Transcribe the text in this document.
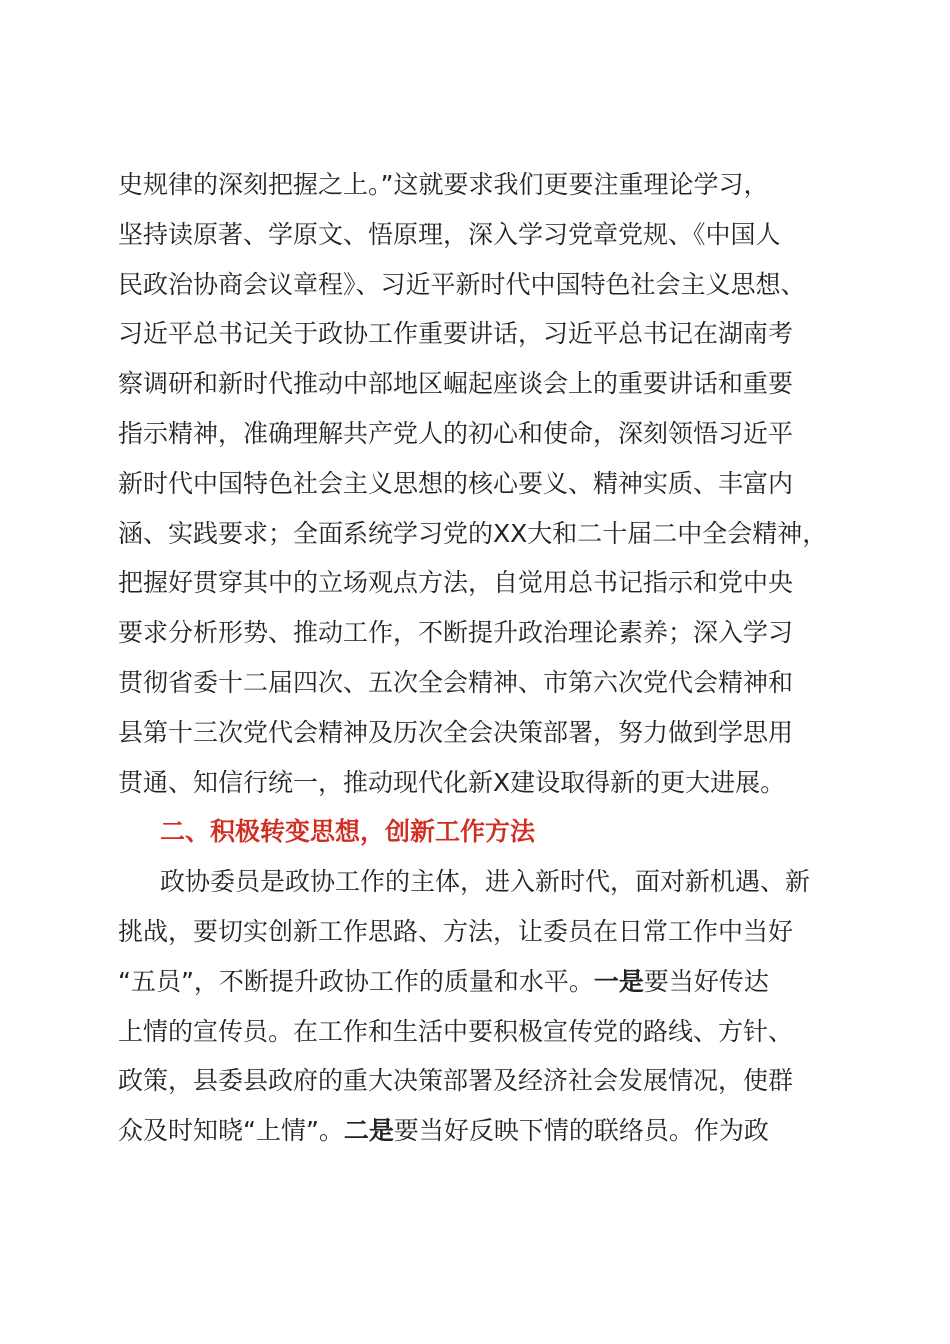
史规律的深刻把握之上。”这就要求我们更要注重理论学习，
坚持读原著、学原文、悟原理，深入学习党章党规、《中国人
民政治协商会议章程》、习近平新时代中国特色社会主义思想、
习近平总书记关于政协工作重要讲话，习近平总书记在湖南考
察调研和新时代推动中部地区崛起座谈会上的重要讲话和重要
指示精神，准确理解共产党人的初心和使命，深刻领悟习近平
新时代中国特色社会主义思想的核心要义、精神实质、丰富内
涵、实践要求；全面系统学习党的XX大和二十届二中全会精神，
把握好贯穿其中的立场观点方法，自觉用总书记指示和党中央
要求分析形势、推动工作，不断提升政治理论素养；深入学习
贯彻省委十二届四次、五次全会精神、市第六次党代会精神和
县第十三次党代会精神及历次全会决策部署，努力做到学思用
贯通、知信行统一，推动现代化新X建设取得新的更大进展。
二、积极转变思想，创新工作方法
政协委员是政协工作的主体，进入新时代，面对新机遇、新
挑战，要切实创新工作思路、方法，让委员在日常工作中当好
“五员”，不断提升政协工作的质量和水平。一是要当好传达
上情的宣传员。在工作和生活中要积极宣传党的路线、方针、
政策，县委县政府的重大决策部署及经济社会发展情况，使群
众及时知晓“上情”。二是要当好反映下情的联络员。作为政
